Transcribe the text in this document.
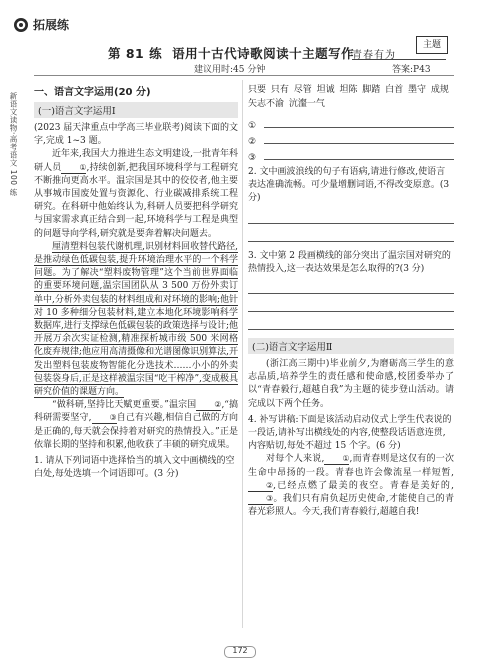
拓展练
第 81 练 语用十古代诗歌阅读十主题写作
建议用时:45 分钟
主题
青春有为
答案:P43
新语文读物·高考语文 100 练 一、语言文字运用(20 分)
(一)语言文字运用Ⅰ

(2023 届天津重点中学高三毕业联考)阅读下面的文字,完成 1~3 题。

近年来,我国大力推进生态文明建设,一批青年科研人员 ①,持续创新,把我国环境科学与工程研究不断推向更高水平。温宗国是其中的佼佼者,他主要从事城市国废处置与资源化、行业碳减排系统工程研究。在科研中他始终认为,科研人员要把科学研究与国家需求真正结合到一起,环境科学与工程是典型的问题导向学科,研究就是要奔着解决问题去。

厘清塑料包装代谢机理,识别材料回收替代路径,是推动绿色低碳包装,提升环境治理水平的一个科学问题。为了解决“塑料废物管理”这个当前世界面临的重要环境问题,温宗国团队从 3 500 万份外卖订单中,分析外卖包装的材料组成和对环境的影响;他针对 10 多种细分包装材料,建立本地化环境影响科学数据库,进行支撑绿色低碳包装的政策选择与设计;他开展万余次实证检测,精准探析城市级 500 米网格化废弃规律;他应用高清摄像和光谱图像识别算法,开发出塑料包装废物智能化分选技术……小小的外卖包装袋身后,正是这样被温宗国“吃干榨净”,变成极具研究价值的课题方向。

“做科研,坚持比天赋更重要。”温宗国 ②,“搞科研需要坚守, ③自己有兴趣,相信自己做的方向是正确的,每天就会保持着对研究的热情投入。”正是依靠长期的坚持和积累,他收获了丰硕的研究成果。

1. 请从下列词语中选择恰当的填入文中画横线的空白处,每处选填一个词语即可。(3 分)

只要 只有 尽管 坦诚 坦陈 脚踏 白首 墨守 成规 矢志不渝 沆瀣一气

①
②
③

2. 文中画波浪线的句子有语病,请进行修改,使语言表达准确流畅。可少量增删词语,不得改变原意。(3 分)

3. 文中第 2 段画横线的部分突出了温宗国对研究的热情投入,这一表达效果是怎么取得的?(3 分)

(二)语言文字运用Ⅱ

(浙江高三期中)毕业前夕,为磨砺高三学生的意志品质,培养学生的责任感和使命感,校团委举办了以“青春毅行,超越自我”为主题的徒步登山活动。请完成以下两个任务。

4. 补写讲稿:下面是该活动启动仪式上学生代表说的一段话,请补写出横线处的内容,使整段话语意连贯,内容贴切,每处不超过 15 个字。(6 分)

对每个人来说, ①,而青春则是这仅有的一次生命中昂扬的一段。青春也许会像流星一样短暂,②,已经点燃了最美的夜空。青春是美好的,③。我们只有肩负起历史使命,才能使自己的青春光彩照人。今天,我们青春毅行,超越自我!

172
